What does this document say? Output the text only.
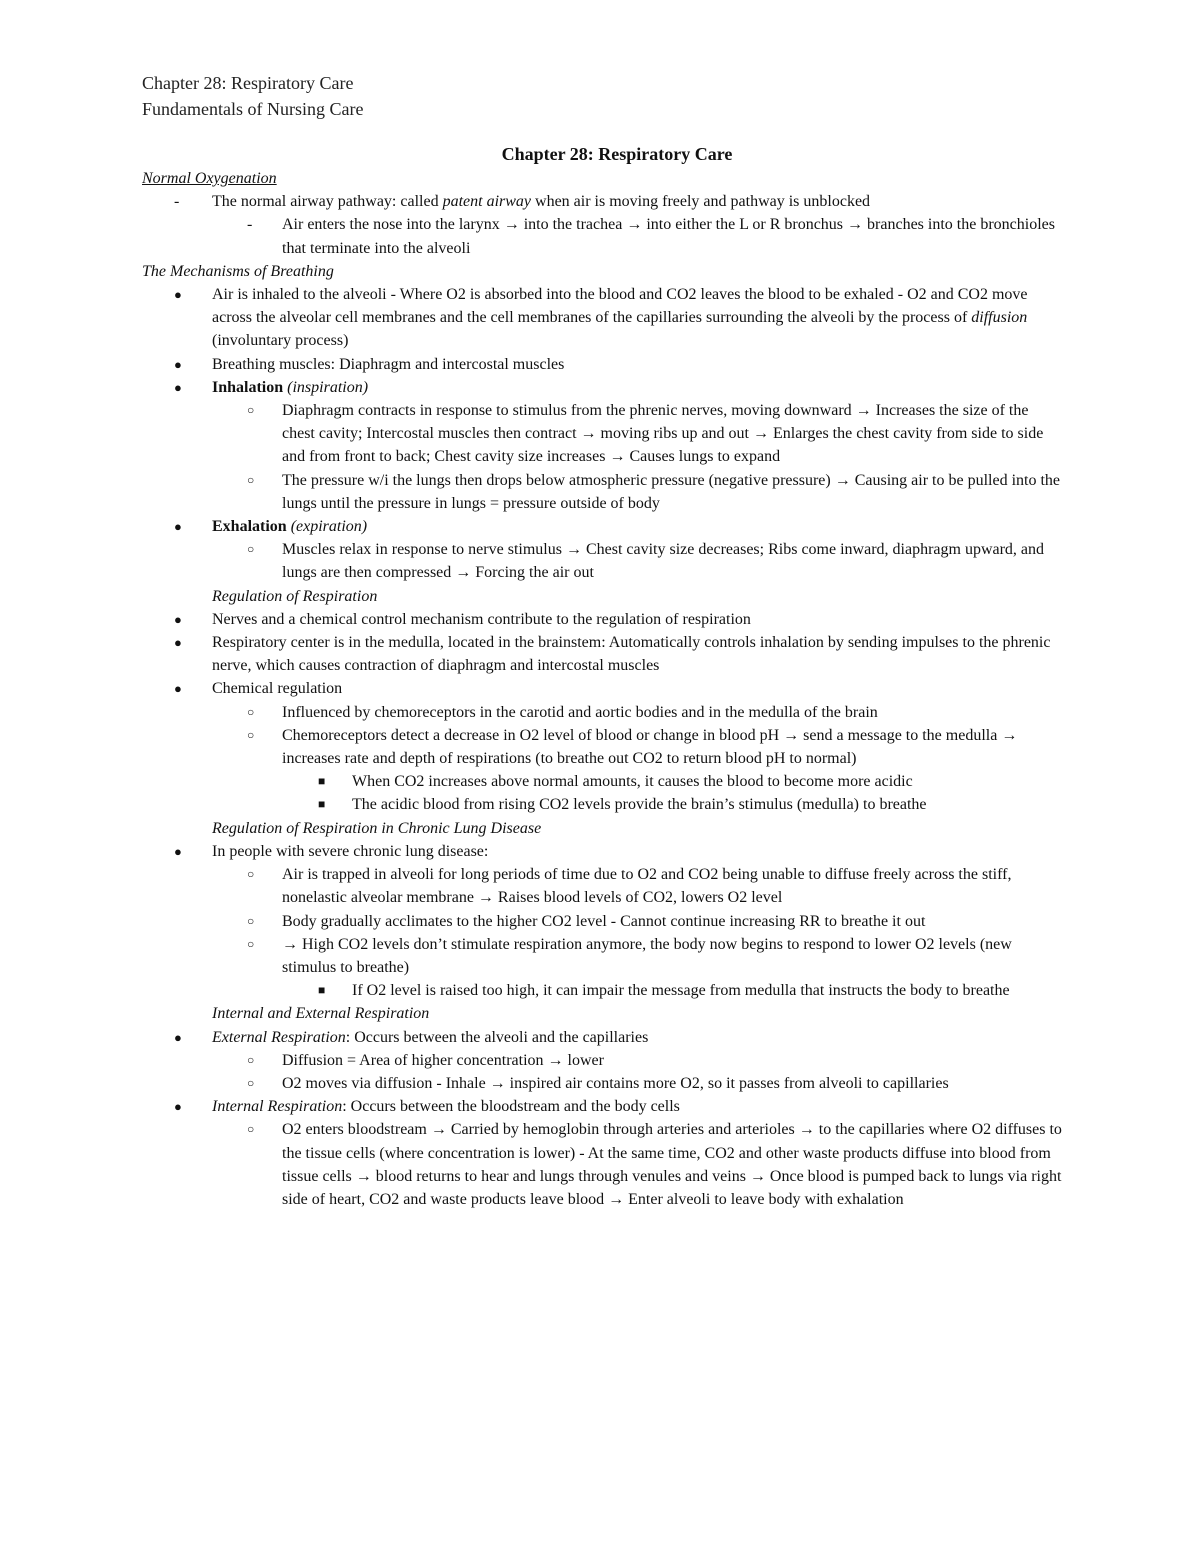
Chapter 28: Respiratory Care
Fundamentals of Nursing Care
Chapter 28: Respiratory Care
Normal Oxygenation
- The normal airway pathway: called patent airway when air is moving freely and pathway is unblocked
- Air enters the nose into the larynx → into the trachea → into either the L or R bronchus → branches into the bronchioles that terminate into the alveoli
The Mechanisms of Breathing
● Air is inhaled to the alveoli - Where O2 is absorbed into the blood and CO2 leaves the blood to be exhaled - O2 and CO2 move across the alveolar cell membranes and the cell membranes of the capillaries surrounding the alveoli by the process of diffusion (involuntary process)
● Breathing muscles: Diaphragm and intercostal muscles
● Inhalation (inspiration)
○ Diaphragm contracts in response to stimulus from the phrenic nerves, moving downward → Increases the size of the chest cavity; Intercostal muscles then contract → moving ribs up and out → Enlarges the chest cavity from side to side and from front to back; Chest cavity size increases → Causes lungs to expand
○ The pressure w/i the lungs then drops below atmospheric pressure (negative pressure) → Causing air to be pulled into the lungs until the pressure in lungs = pressure outside of body
● Exhalation (expiration)
○ Muscles relax in response to nerve stimulus → Chest cavity size decreases; Ribs come inward, diaphragm upward, and lungs are then compressed → Forcing the air out
Regulation of Respiration
● Nerves and a chemical control mechanism contribute to the regulation of respiration
● Respiratory center is in the medulla, located in the brainstem: Automatically controls inhalation by sending impulses to the phrenic nerve, which causes contraction of diaphragm and intercostal muscles
● Chemical regulation
○ Influenced by chemoreceptors in the carotid and aortic bodies and in the medulla of the brain
○ Chemoreceptors detect a decrease in O2 level of blood or change in blood pH → send a message to the medulla → increases rate and depth of respirations (to breathe out CO2 to return blood pH to normal)
■ When CO2 increases above normal amounts, it causes the blood to become more acidic
■ The acidic blood from rising CO2 levels provide the brain’s stimulus (medulla) to breathe
Regulation of Respiration in Chronic Lung Disease
● In people with severe chronic lung disease:
○ Air is trapped in alveoli for long periods of time due to O2 and CO2 being unable to diffuse freely across the stiff, nonelastic alveolar membrane → Raises blood levels of CO2, lowers O2 level
○ Body gradually acclimates to the higher CO2 level - Cannot continue increasing RR to breathe it out
○ → High CO2 levels don’t stimulate respiration anymore, the body now begins to respond to lower O2 levels (new stimulus to breathe)
■ If O2 level is raised too high, it can impair the message from medulla that instructs the body to breathe
Internal and External Respiration
● External Respiration: Occurs between the alveoli and the capillaries
○ Diffusion = Area of higher concentration → lower
○ O2 moves via diffusion - Inhale → inspired air contains more O2, so it passes from alveoli to capillaries
● Internal Respiration: Occurs between the bloodstream and the body cells
○ O2 enters bloodstream → Carried by hemoglobin through arteries and arterioles → to the capillaries where O2 diffuses to the tissue cells (where concentration is lower) - At the same time, CO2 and other waste products diffuse into blood from tissue cells → blood returns to hear and lungs through venules and veins → Once blood is pumped back to lungs via right side of heart, CO2 and waste products leave blood → Enter alveoli to leave body with exhalation
